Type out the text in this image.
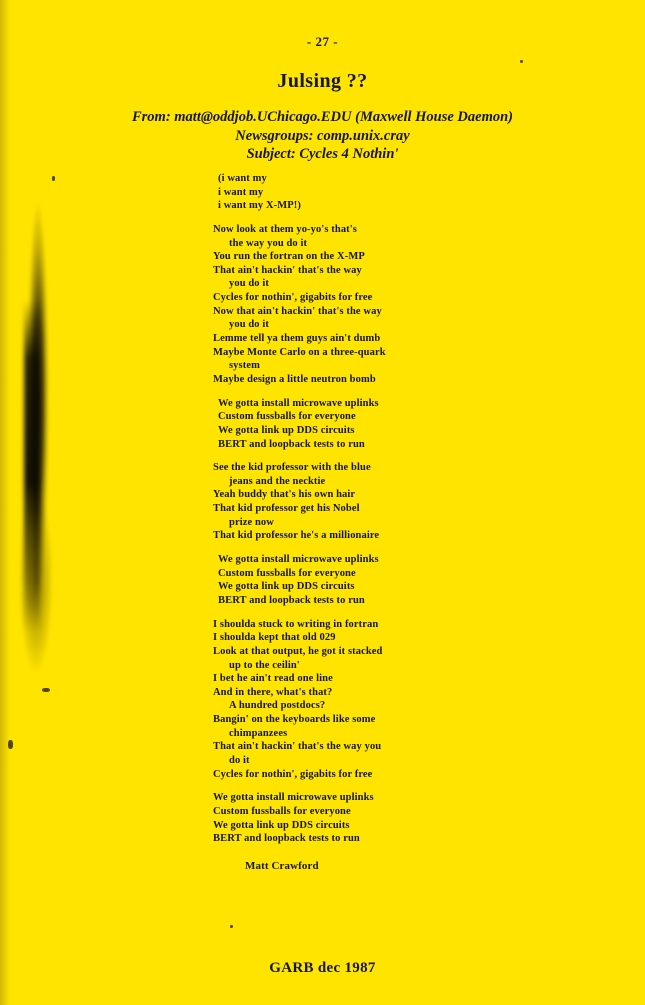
- 27 -
Julsing ??
From: matt@oddjob.UChicago.EDU (Maxwell House Daemon)
Newsgroups: comp.unix.cray
Subject: Cycles 4 Nothin'
(i want my
i want my
i want my X-MP!)
Now look at them yo-yo's that's
the way you do it
You run the fortran on the X-MP
That ain't hackin' that's the way
you do it
Cycles for nothin', gigabits for free
Now that ain't hackin' that's the way
you do it
Lemme tell ya them guys ain't dumb
Maybe Monte Carlo on a three-quark
system
Maybe design a little neutron bomb
We gotta install microwave uplinks
Custom fussballs for everyone
We gotta link up DDS circuits
BERT and loopback tests to run
See the kid professor with the blue
jeans and the necktie
Yeah buddy that's his own hair
That kid professor get his Nobel
prize now
That kid professor he's a millionaire
We gotta install microwave uplinks
Custom fussballs for everyone
We gotta link up DDS circuits
BERT and loopback tests to run
I shoulda stuck to writing in fortran
I shoulda kept that old 029
Look at that output, he got it stacked
up to the ceilin'
I bet he ain't read one line
And in there, what's that?
A hundred postdocs?
Bangin' on the keyboards like some
chimpanzees
That ain't hackin' that's the way you
do it
Cycles for nothin', gigabits for free
We gotta install microwave uplinks
Custom fussballs for everyone
We gotta link up DDS circuits
BERT and loopback tests to run
Matt Crawford
GARB dec 1987
